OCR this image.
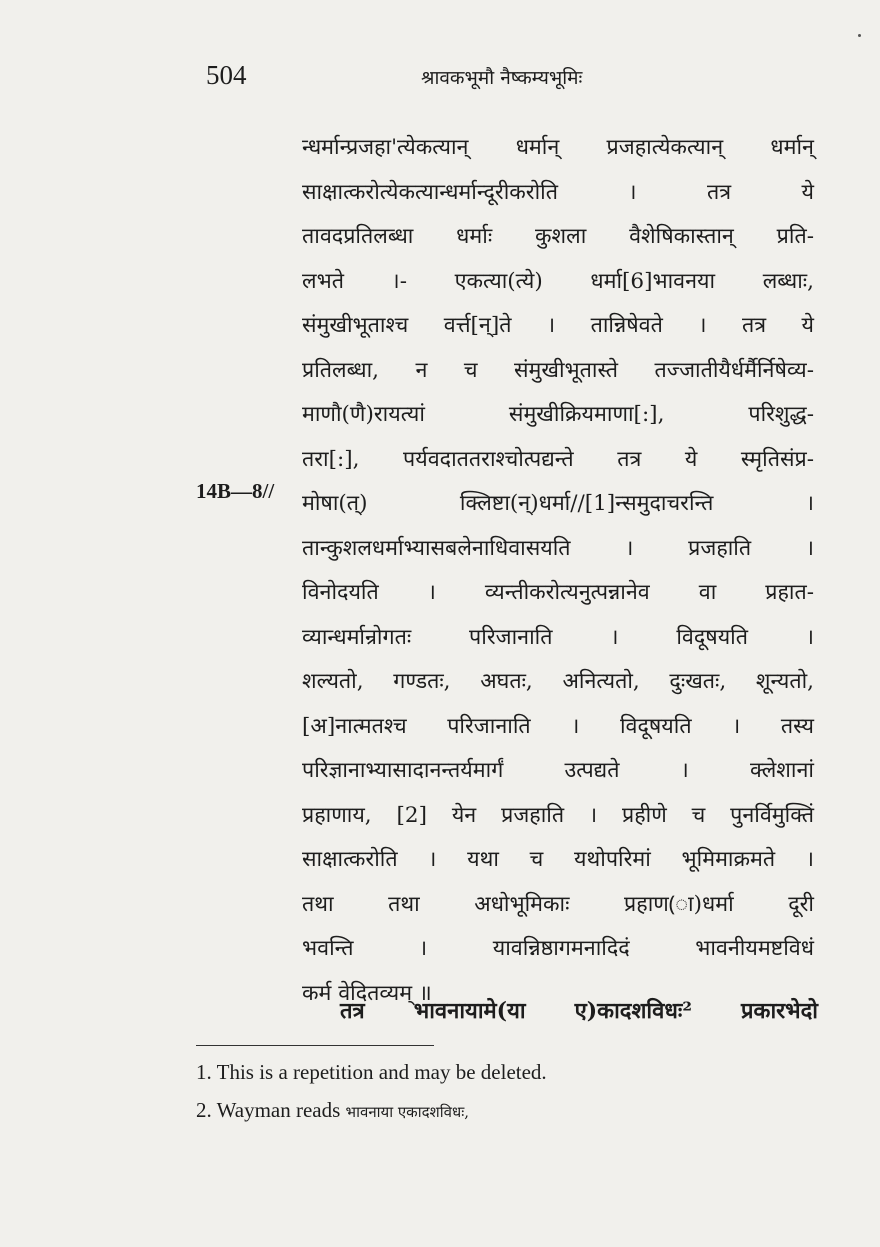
504	श्रावकभूमौ नैष्कम्यभूमिः
14B—8//
न्धर्मान्प्रजहा'त्येकत्यान् धर्मान् प्रजहात्येकत्यान् धर्मान्
साक्षात्करोत्येकत्यान्धर्मान्दूरीकरोति । तत्र ये
तावदप्रतिलब्धा धर्माः कुशला वैशेषिकास्तान् प्रति-
लभते ।- एकत्या(त्ये) धर्मा[6]भावनया लब्धाः,
संमुखीभूताश्च वर्त्त[न्]ते । तान्निषेवते । तत्र ये
प्रतिलब्धा, न च संमुखीभूतास्ते तज्जातीयैर्धर्मैर्निषेव्य-
माणौ(णै)रायत्यां संमुखीक्रियमाणा[:], परिशुद्ध-
तरा[:], पर्यवदाततराश्चोत्पद्यन्ते तत्र ये स्मृतिसंप्र-
मोषा(त्) क्लिष्टा(न्)धर्मा//[1]न्समुदाचरन्ति ।
तान्कुशलधर्माभ्यासबलेनाधिवासयति । प्रजहाति ।
विनोदयति । व्यन्तीकरोत्यनुत्पन्नानेव वा प्रहात-
व्यान्धर्मान्रोगतः परिजानाति । विदूषयति ।
शल्यतो, गण्डतः, अघतः, अनित्यतो, दुःखतः, शून्यतो,
[अ]नात्मतश्च परिजानाति । विदूषयति । तस्य
परिज्ञानाभ्यासादानन्तर्यमार्गं उत्पद्यते । क्लेशानां
प्रहाणाय, [2] येन प्रजहाति । प्रहीणे च पुनर्विमुक्तिं
साक्षात्करोति । यथा च यथोपरिमां भूमिमाक्रमते ।
तथा तथा अधोभूमिकाः प्रहाण(ा)धर्मा दूरी
भवन्ति । यावन्निष्ठागमनादिदं भावनीयमष्टविधं
कर्म वेदितव्यम् ॥
तत्र भावनायामे(या ए)कादशविधः² प्रकारभेदो
1. This is a repetition and may be deleted.
2. Wayman reads भावनाया एकादशविधः,
